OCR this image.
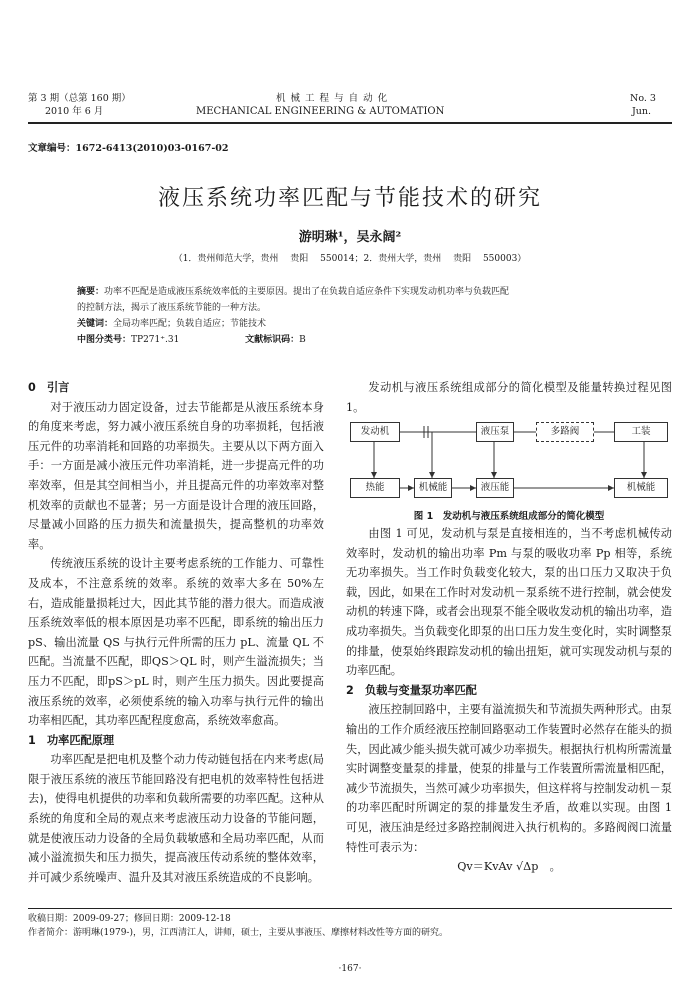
第 3 期（总第 160 期）
2010 年 6 月
机 械 工 程 与 自 动 化
MECHANICAL ENGINEERING & AUTOMATION
No. 3
Jun.
文章编号：1672-6413(2010)03-0167-02
液压系统功率匹配与节能技术的研究
游明琳¹，吴永阔²
（1．贵州师范大学，贵州　 贵阳　 550014；2．贵州大学，贵州　 贵阳　 550003）
摘要：功率不匹配是造成液压系统效率低的主要原因。提出了在负载自适应条件下实现发动机功率与负载匹配
的控制方法，揭示了液压系统节能的一种方法。
关键词：全局功率匹配；负载自适应；节能技术
中图分类号：TP271⁺.31	文献标识码：B
0　引言

对于液压动力固定设备，过去节能都是从液压系统本身的角度来考虑，努力减小液压系统自身的功率损耗，包括液压元件的功率消耗和回路的功率损失。主要从以下两方面入手：一方面是减小液压元件功率消耗，进一步提高元件的功率效率，但是其空间相当小，并且提高元件的功率效率对整机效率的贡献也不显著；另一方面是设计合理的液压回路，尽量减小回路的压力损失和流量损失，提高整机的功率效率。

传统液压系统的设计主要考虑系统的工作能力、可靠性及成本，不注意系统的效率。系统的效率大多在 50%左右，造成能量损耗过大，因此其节能的潜力很大。而造成液压系统效率低的根本原因是功率不匹配，即系统的输出压力 pS、输出流量 QS 与执行元件所需的压力 pL、流量 QL 不匹配。当流量不匹配，即QS＞QL 时，则产生溢流损失；当压力不匹配，即pS＞pL 时，则产生压力损失。因此要提高液压系统的效率，必须使系统的输入功率与执行元件的输出功率相匹配，其功率匹配程度愈高，系统效率愈高。

1　功率匹配原理

功率匹配是把电机及整个动力传动链包括在内来考虑(局限于液压系统的液压节能回路没有把电机的效率特性包括进去)，使得电机提供的功率和负载所需要的功率匹配。这种从系统的角度和全局的观点来考虑液压动力设备的节能问题，就是使液压动力设备的全局负载敏感和全局功率匹配，从而减小溢流损失和压力损失，提高液压传动系统的整体效率，并可减少系统噪声、温升及其对液压系统造成的不良影响。

发动机与液压系统组成部分的简化模型及能量转换过程见图 1。

发动机	液压泵	多路阀	工装
热能	机械能	液压能	机械能
图 1　发动机与液压系统组成部分的简化模型

由图 1 可见，发动机与泵是直接相连的，当不考虑机械传动效率时，发动机的输出功率 Pm 与泵的吸收功率 Pp 相等，系统无功率损失。当工作时负载变化较大，泵的出口压力又取决于负载，因此，如果在工作时对发动机－泵系统不进行控制，就会使发动机的转速下降，或者会出现泵不能全吸收发动机的输出功率，造成功率损失。当负载变化即泵的出口压力发生变化时，实时调整泵的排量，使泵始终跟踪发动机的输出扭矩，就可实现发动机与泵的功率匹配。

2　负载与变量泵功率匹配

液压控制回路中，主要有溢流损失和节流损失两种形式。由泵输出的工作介质经液压控制回路驱动工作装置时必然存在能头的损失，因此减少能头损失就可减少功率损失。根据执行机构所需流量实时调整变量泵的排量，使泵的排量与工作装置所需流量相匹配，减少节流损失，当然可减少功率损失，但这样将与控制发动机－泵的功率匹配时所调定的泵的排量发生矛盾，故难以实现。由图 1 可见，液压油是经过多路控制阀进入执行机构的。多路阀阀口流量特性可表示为：

Qv＝KvAv √Δp　。
收稿日期：2009-09-27；修回日期：2009-12-18
作者简介：游明琳(1979-)，男，江西清江人，讲师，硕士，主要从事液压、摩擦材料改性等方面的研究。
·167·
